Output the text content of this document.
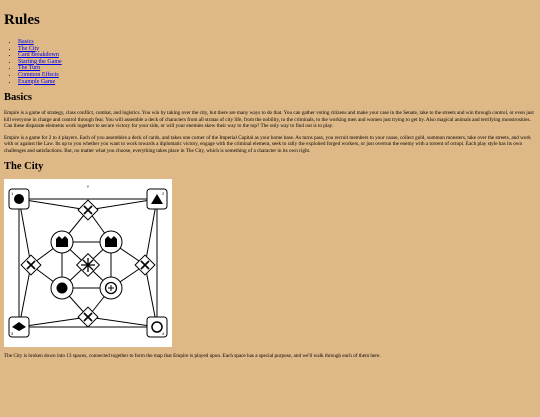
Rules
• Basics
• The City
• Card Breakdown
• Starting the Game
• The Turn
• Common Effects
• Example Game
Basics

Empire is a game of strategy, class conflict, combat, and logistics. You win by taking over the city, but there are many ways to do that. You can gather voting citizens and make your case in the Senate, take to the streets and win through control, or even just kill everyone in charge and control through fear. You will assemble a deck of characters from all stratas of city life, from the nobility, to the criminals, to the working men and women just trying to get by. Also magical animals and terrifying monstrosities. Can these disparate elements work together to secure victory for your side, or will your enemies skew their way to the top? The only way to find out is to play.

Empire is a game for 2 to 4 players. Each of you assembles a deck of cards, and takes one corner of the Imperial Capital as your home base. As turns pass, you recruit members to your cause, collect gold, summon monsters, take over the streets, and work with or against the Law. Its up to you whether you want to work towards a diplomatic victory, engage with the criminal element, seek to rally the exploited forged workers, or just overrun the enemy with a torrent of octopi. Each play style has its own challenges and satisfactions. But, no matter what you choose, everything takes place in The City, which is something of a character in its own right.

The City
Y
1	2
3	4

The City is broken down into 13 spaces, connected together to form the map that Empire is played upon. Each space has a special purpose, and we'll walk through each of them here.
